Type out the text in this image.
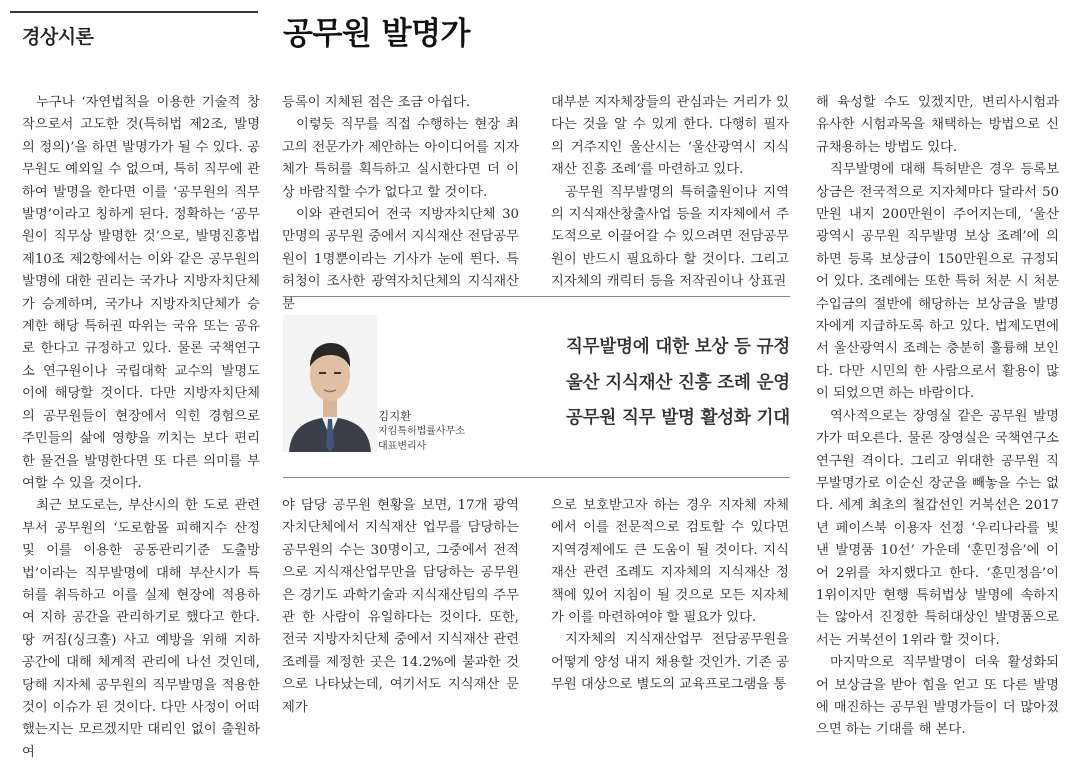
경상시론	공무원 발명가

누구나 ‘자연법칙을 이용한 기술적 창작으로서 고도한 것(특허법 제2조, 발명의 정의)’을 하면 발명가가 될 수 있다. 공무원도 예외일 수 없으며, 특히 직무에 관하여 발명을 한다면 이를 ‘공무원의 직무발명’이라고 칭하게 된다. 정확하는 ‘공무원이 직무상 발명한 것’으로, 발명진흥법 제10조 제2항에서는 이와 같은 공무원의 발명에 대한 권리는 국가나 지방자치단체가 승계하며, 국가나 지방자치단체가 승계한 해당 특허권 따위는 국유 또는 공유로 한다고 규정하고 있다. 물론 국책연구소 연구원이나 국립대학 교수의 발명도 이에 해당할 것이다. 다만 지방자치단체의 공무원들이 현장에서 익힌 경험으로 주민들의 삶에 영향을 끼치는 보다 편리한 물건을 발명한다면 또 다른 의미를 부여할 수 있을 것이다.

최근 보도로는, 부산시의 한 도로 관련 부서 공무원의 ‘도로함몰 피해지수 산정 및 이를 이용한 공동관리기준 도출방법’이라는 직무발명에 대해 부산시가 특허를 취득하고 이를 실제 현장에 적용하여 지하 공간을 관리하기로 했다고 한다. 땅 꺼짐(싱크홀) 사고 예방을 위해 지하 공간에 대해 체계적 관리에 나선 것인데, 당해 지자체 공무원의 직무발명을 적용한 것이 이슈가 된 것이다. 다만 사정이 어떠했는지는 모르겠지만 대리인 없이 출원하여

등록이 지체된 점은 조금 아쉽다.

이렇듯 직무를 직접 수행하는 현장 최고의 전문가가 제안하는 아이디어를 지자체가 특허를 획득하고 실시한다면 더 이상 바람직할 수가 없다고 할 것이다.

이와 관련되어 전국 지방자치단체 30만명의 공무원 중에서 지식재산 전담공무원이 1명뿐이라는 기사가 눈에 띈다. 특허청이 조사한 광역자치단체의 지식재산 분

대부분 지자체장들의 관심과는 거리가 있다는 것을 알 수 있게 한다. 다행히 필자의 거주지인 울산시는 ‘울산광역시 지식재산 진흥 조례’를 마련하고 있다.

공무원 직무발명의 특허출원이나 지역의 지식재산창출사업 등을 지자체에서 주도적으로 이끌어갈 수 있으려면 전담공무원이 반드시 필요하다 할 것이다. 그리고 지자체의 캐릭터 등을 저작권이나 상표권

김지환
지킴특허법률사무소
대표변리사
직무발명에 대한 보상 등 규정
울산 지식재산 진흥 조례 운영
공무원 직무 발명 활성화 기대

야 담당 공무원 현황을 보면, 17개 광역자치단체에서 지식재산 업무를 담당하는 공무원의 수는 30명이고, 그중에서 전적으로 지식재산업무만을 담당하는 공무원은 경기도 과학기술과 지식재산팀의 주무관 한 사람이 유일하다는 것이다. 또한, 전국 지방자치단체 중에서 지식재산 관련 조례를 제정한 곳은 14.2%에 불과한 것으로 나타났는데, 여기서도 지식재산 문제가

으로 보호받고자 하는 경우 지자체 자체에서 이를 전문적으로 검토할 수 있다면 지역경제에도 큰 도움이 될 것이다. 지식재산 관련 조례도 지자체의 지식재산 정책에 있어 지침이 될 것으로 모든 지자체가 이를 마련하여야 할 필요가 있다.

지자체의 지식재산업무 전담공무원을 어떻게 양성 내지 채용할 것인가. 기존 공무원 대상으로 별도의 교육프로그램을 통

해 육성할 수도 있겠지만, 변리사시험과 유사한 시험과목을 채택하는 방법으로 신규채용하는 방법도 있다.

직무발명에 대해 특허받은 경우 등록보상금은 전국적으로 지자체마다 달라서 50만원 내지 200만원이 주어지는데, ‘울산광역시 공무원 직무발명 보상 조례’에 의하면 등록 보상금이 150만원으로 규정되어 있다. 조례에는 또한 특허 처분 시 처분수입금의 절반에 해당하는 보상금을 발명자에게 지급하도록 하고 있다. 법제도면에서 울산광역시 조례는 충분히 훌륭해 보인다. 다만 시민의 한 사람으로서 활용이 많이 되었으면 하는 바람이다.

역사적으로는 장영실 같은 공무원 발명가가 떠오른다. 물론 장영실은 국책연구소 연구원 격이다. 그리고 위대한 공무원 직무발명가로 이순신 장군을 빼놓을 수는 없다. 세계 최초의 철갑선인 거북선은 2017년 페이스북 이용자 선정 ‘우리나라를 빛낸 발명품 10선’ 가운데 ‘훈민정음’에 이어 2위를 차지했다고 한다. ‘훈민정음’이 1위이지만 현행 특허법상 발명에 속하지는 않아서 진정한 특허대상인 발명품으로서는 거북선이 1위라 할 것이다.

마지막으로 직무발명이 더욱 활성화되어 보상금을 받아 힘을 얻고 또 다른 발명에 매진하는 공무원 발명가들이 더 많아졌으면 하는 기대를 해 본다.
